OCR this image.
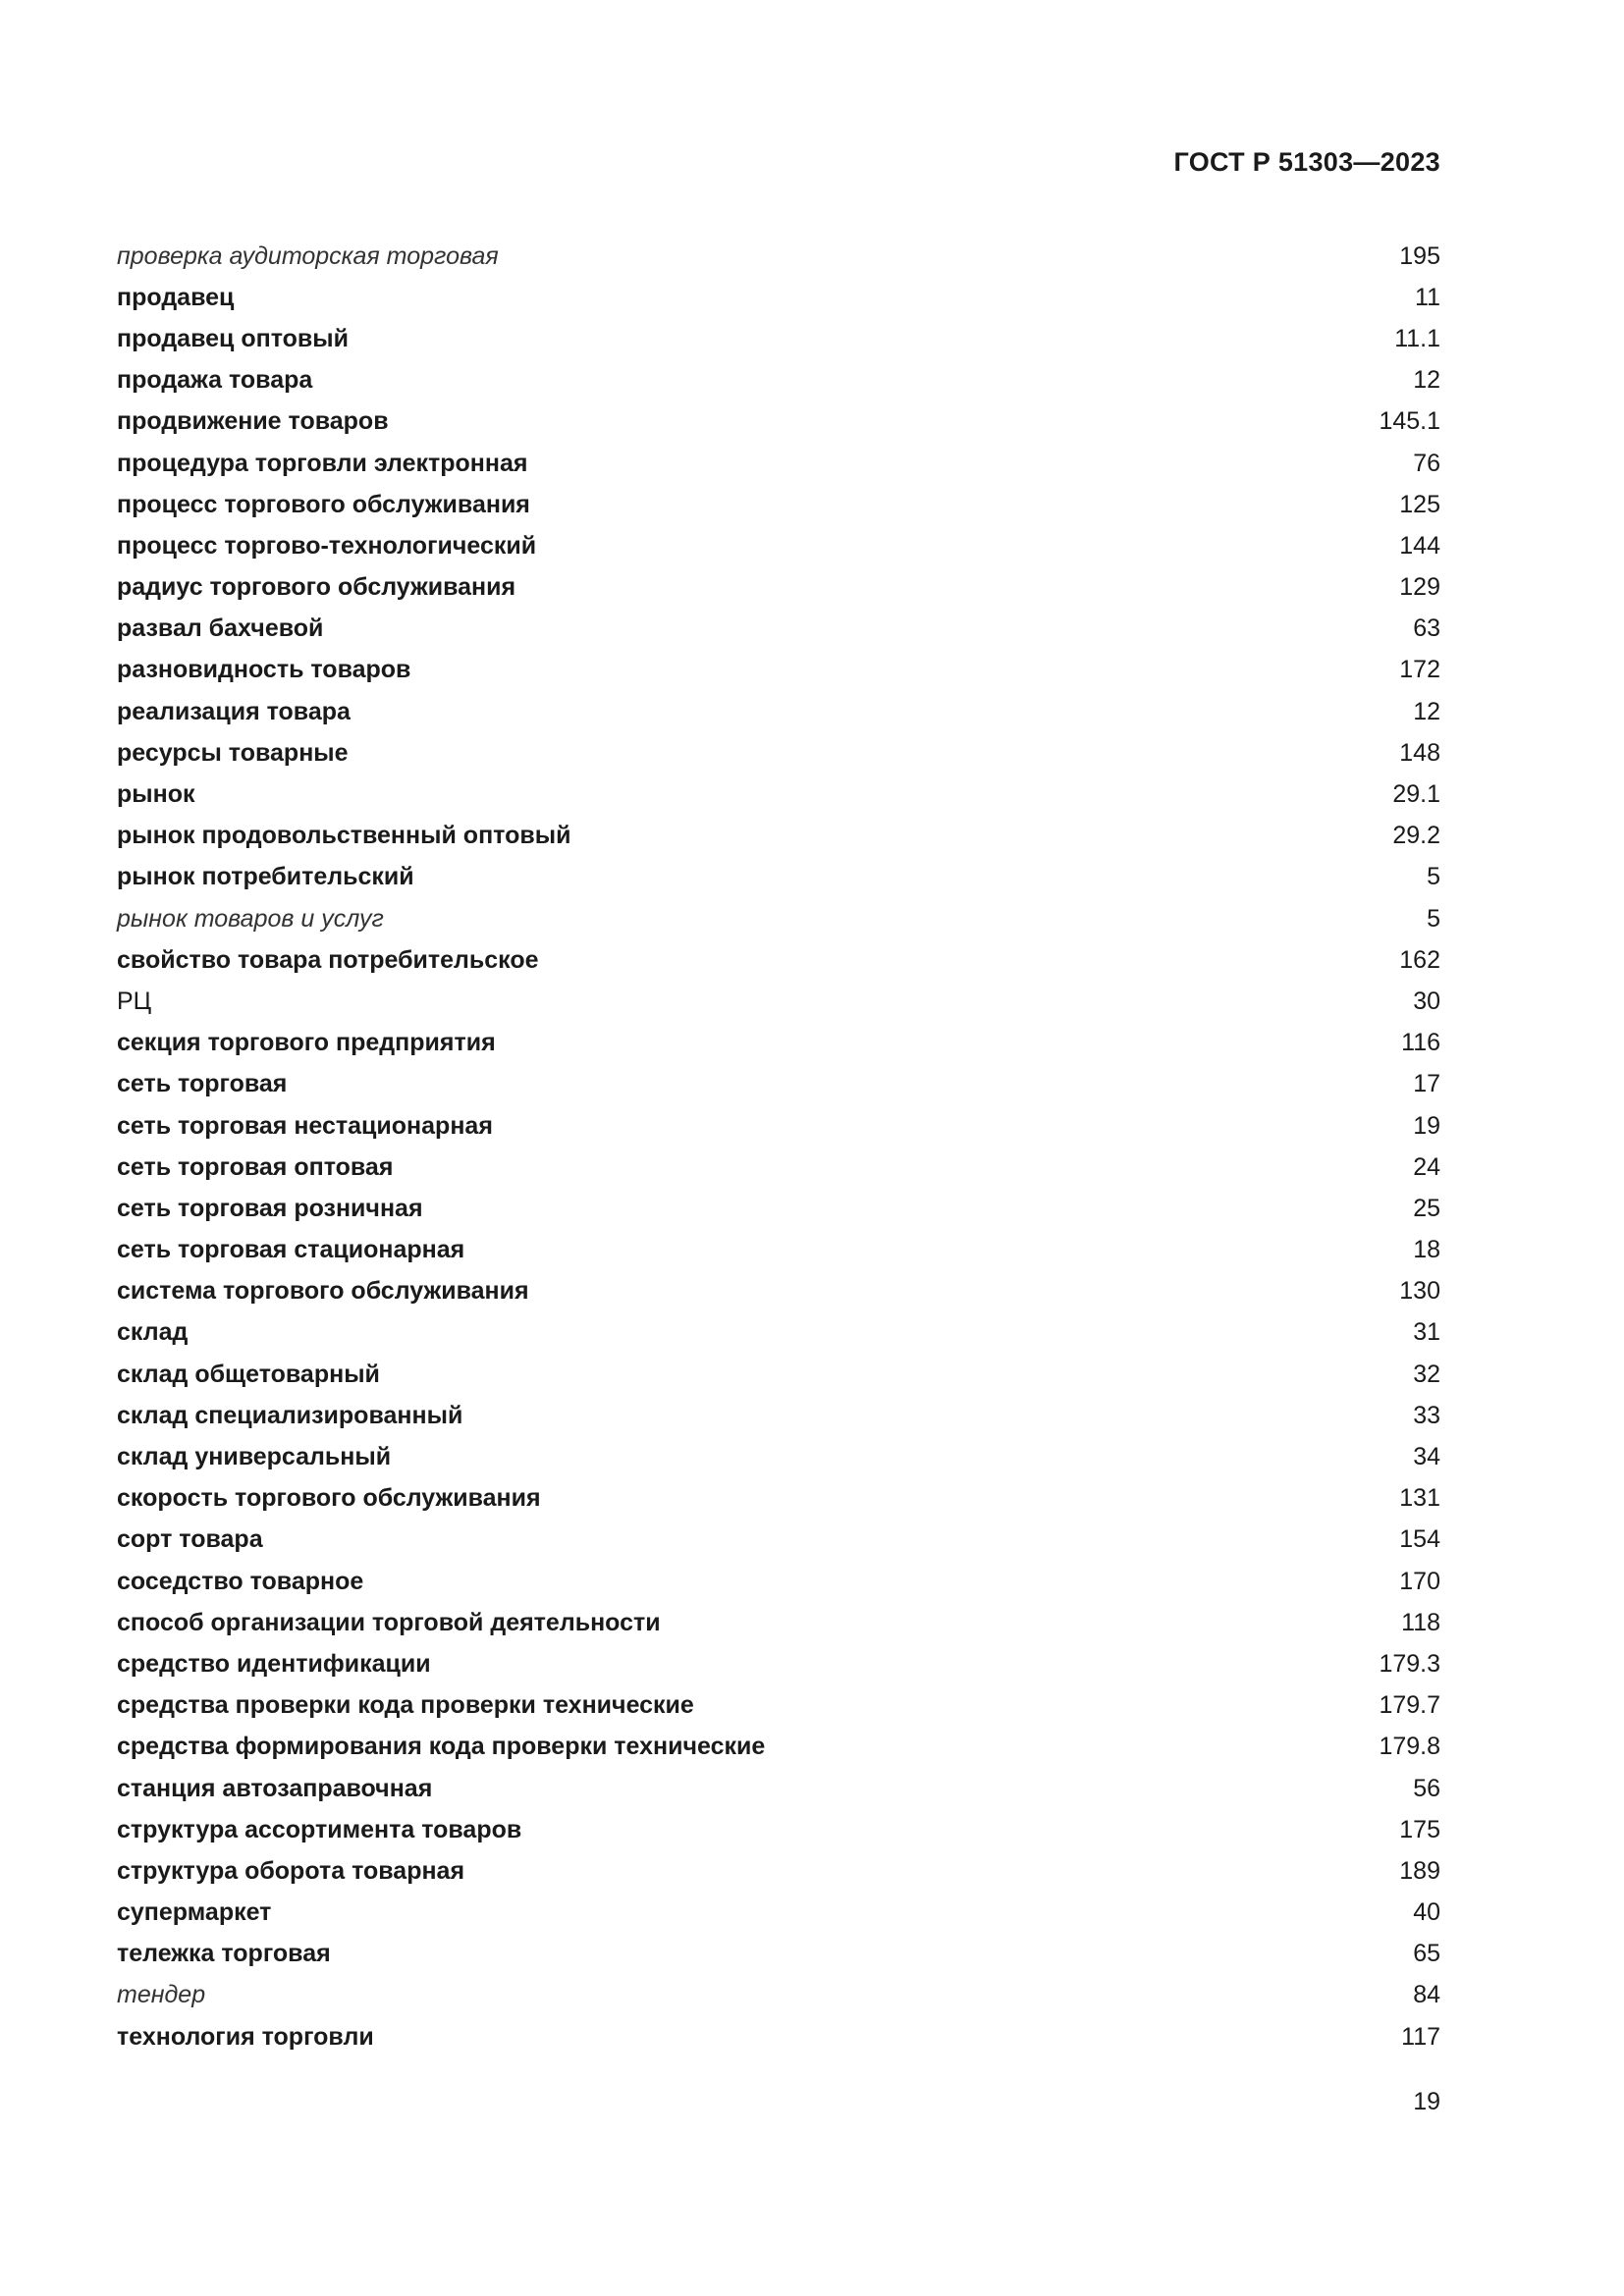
ГОСТ Р 51303—2023
проверка аудиторская торговая	195
продавец	11
продавец оптовый	11.1
продажа товара	12
продвижение товаров	145.1
процедура торговли электронная	76
процесс торгового обслуживания	125
процесс торгово-технологический	144
радиус торгового обслуживания	129
развал бахчевой	63
разновидность товаров	172
реализация товара	12
ресурсы товарные	148
рынок	29.1
рынок продовольственный оптовый	29.2
рынок потребительский	5
рынок товаров и услуг	5
свойство товара потребительское	162
РЦ	30
секция торгового предприятия	116
сеть торговая	17
сеть торговая нестационарная	19
сеть торговая оптовая	24
сеть торговая розничная	25
сеть торговая стационарная	18
система торгового обслуживания	130
склад	31
склад общетоварный	32
склад специализированный	33
склад универсальный	34
скорость торгового обслуживания	131
сорт товара	154
соседство товарное	170
способ организации торговой деятельности	118
средство идентификации	179.3
средства проверки кода проверки технические	179.7
средства формирования кода проверки технические	179.8
станция автозаправочная	56
структура ассортимента товаров	175
структура оборота товарная	189
супермаркет	40
тележка торговая	65
тендер	84
технология торговли	117
19
